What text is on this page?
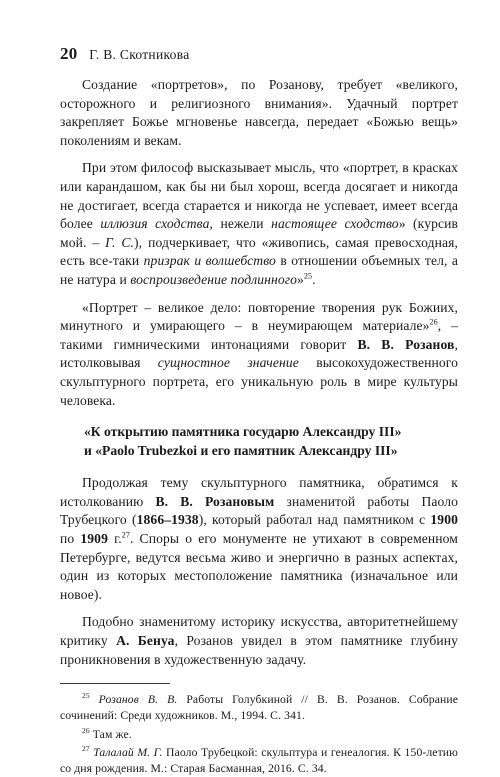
20 Г. В. Скотникова

Создание «портретов», по Розанову, требует «великого, осторожного и религиозного внимания». Удачный портрет закрепляет Божье мгновенье навсегда, передает «Божью вещь» поколениям и векам.

При этом философ высказывает мысль, что «портрет, в красках или карандашом, как бы ни был хорош, всегда досягает и никогда не достигает, всегда старается и никогда не успевает, имеет всегда более иллюзия сходства, нежели настоящее сходство» (курсив мой. – Г. С.), подчеркивает, что «живопись, самая превосходная, есть все-таки призрак и волшебство в отношении объемных тел, а не натура и воспроизведение подлинного»$^{25}$.

«Портрет – великое дело: повторение творения рук Божиих, минутного и умирающего – в неумирающем материале»$^{26}$, – такими гимническими интонациями говорит В. В. Розанов, истолковывая сущностное значение высокохудожественного скульптурного портрета, его уникальную роль в мире культуры человека.

«К открытию памятника государю Александру III»
и «Paolo Trubezkoi и его памятник Александру III»

Продолжая тему скульптурного памятника, обратимся к истолкованию В. В. Розановым знаменитой работы Паоло Трубецкого (1866–1938), который работал над памятником с 1900 по 1909 г.$^{27}$. Споры о его монументе не утихают в современном Петербурге, ведутся весьма живо и энергично в разных аспектах, один из которых местоположение памятника (изначальное или новое).

Подобно знаменитому историку искусства, авторитетнейшему критику А. Бенуа, Розанов увидел в этом памятнике глубину проникновения в художественную задачу.

$^{25}$ Розанов В. В. Работы Голубкиной // В. В. Розанов. Собрание сочинений: Среди художников. М., 1994. С. 341.

$^{26}$ Там же.

$^{27}$ Талалай М. Г. Паоло Трубецкой: скульптура и генеалогия. К 150-летию со дня рождения. М.: Старая Басманная, 2016. С. 34.
